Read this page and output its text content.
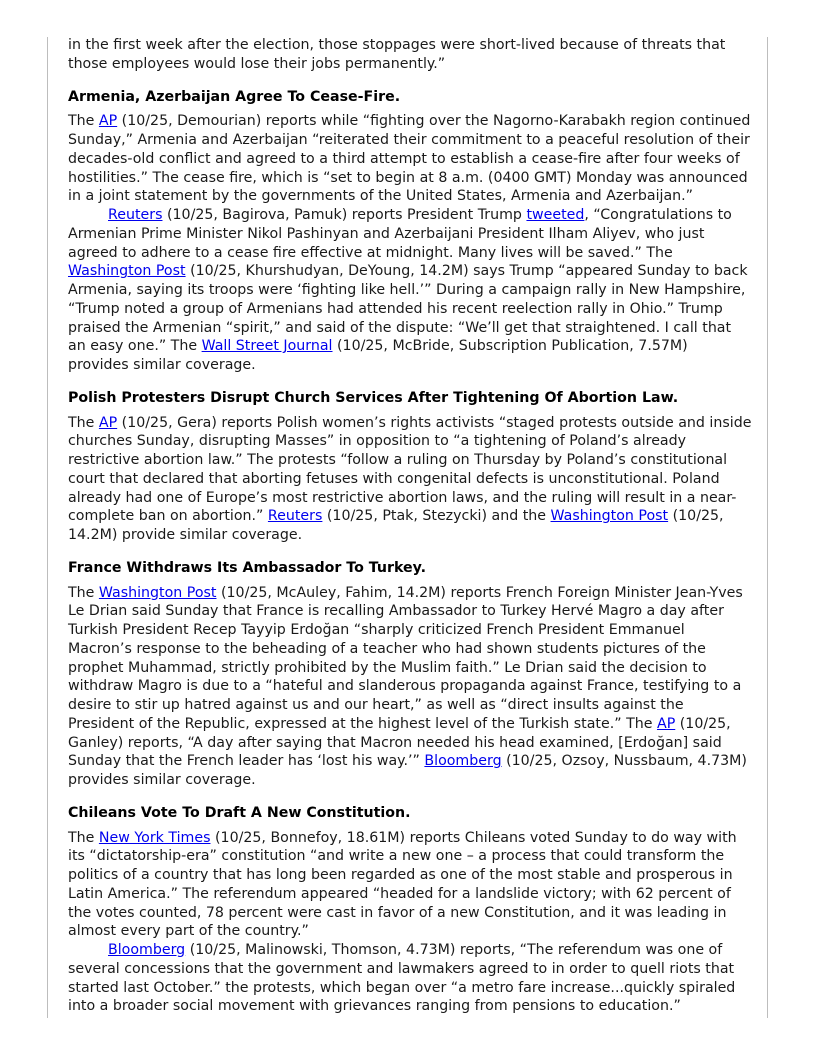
in the first week after the election, those stoppages were short-lived because of threats that those employees would lose their jobs permanently.”

Armenia, Azerbaijan Agree To Cease-Fire.

The AP (10/25, Demourian) reports while “fighting over the Nagorno-Karabakh region continued Sunday,” Armenia and Azerbaijan “reiterated their commitment to a peaceful resolution of their decades-old conflict and agreed to a third attempt to establish a cease-fire after four weeks of hostilities.” The cease fire, which is “set to begin at 8 a.m. (0400 GMT) Monday was announced in a joint statement by the governments of the United States, Armenia and Azerbaijan.”

Reuters (10/25, Bagirova, Pamuk) reports President Trump tweeted, “Congratulations to Armenian Prime Minister Nikol Pashinyan and Azerbaijani President Ilham Aliyev, who just agreed to adhere to a cease fire effective at midnight. Many lives will be saved.” The Washington Post (10/25, Khurshudyan, DeYoung, 14.2M) says Trump “appeared Sunday to back Armenia, saying its troops were ‘fighting like hell.’” During a campaign rally in New Hampshire, “Trump noted a group of Armenians had attended his recent reelection rally in Ohio.” Trump praised the Armenian “spirit,” and said of the dispute: “We’ll get that straightened. I call that an easy one.” The Wall Street Journal (10/25, McBride, Subscription Publication, 7.57M) provides similar coverage.

Polish Protesters Disrupt Church Services After Tightening Of Abortion Law.

The AP (10/25, Gera) reports Polish women’s rights activists “staged protests outside and inside churches Sunday, disrupting Masses” in opposition to “a tightening of Poland’s already restrictive abortion law.” The protests “follow a ruling on Thursday by Poland’s constitutional court that declared that aborting fetuses with congenital defects is unconstitutional. Poland already had one of Europe’s most restrictive abortion laws, and the ruling will result in a near-complete ban on abortion.” Reuters (10/25, Ptak, Stezycki) and the Washington Post (10/25, 14.2M) provide similar coverage.

France Withdraws Its Ambassador To Turkey.

The Washington Post (10/25, McAuley, Fahim, 14.2M) reports French Foreign Minister Jean-Yves Le Drian said Sunday that France is recalling Ambassador to Turkey Hervé Magro a day after Turkish President Recep Tayyip Erdoğan “sharply criticized French President Emmanuel Macron’s response to the beheading of a teacher who had shown students pictures of the prophet Muhammad, strictly prohibited by the Muslim faith.” Le Drian said the decision to withdraw Magro is due to a “hateful and slanderous propaganda against France, testifying to a desire to stir up hatred against us and our heart,” as well as “direct insults against the President of the Republic, expressed at the highest level of the Turkish state.” The AP (10/25, Ganley) reports, “A day after saying that Macron needed his head examined, [Erdoğan] said Sunday that the French leader has ‘lost his way.’” Bloomberg (10/25, Ozsoy, Nussbaum, 4.73M) provides similar coverage.

Chileans Vote To Draft A New Constitution.

The New York Times (10/25, Bonnefoy, 18.61M) reports Chileans voted Sunday to do way with its “dictatorship-era” constitution “and write a new one – a process that could transform the politics of a country that has long been regarded as one of the most stable and prosperous in Latin America.” The referendum appeared “headed for a landslide victory; with 62 percent of the votes counted, 78 percent were cast in favor of a new Constitution, and it was leading in almost every part of the country.”

Bloomberg (10/25, Malinowski, Thomson, 4.73M) reports, “The referendum was one of several concessions that the government and lawmakers agreed to in order to quell riots that started last October.” the protests, which began over “a metro fare increase...quickly spiraled into a broader social movement with grievances ranging from pensions to education.”
